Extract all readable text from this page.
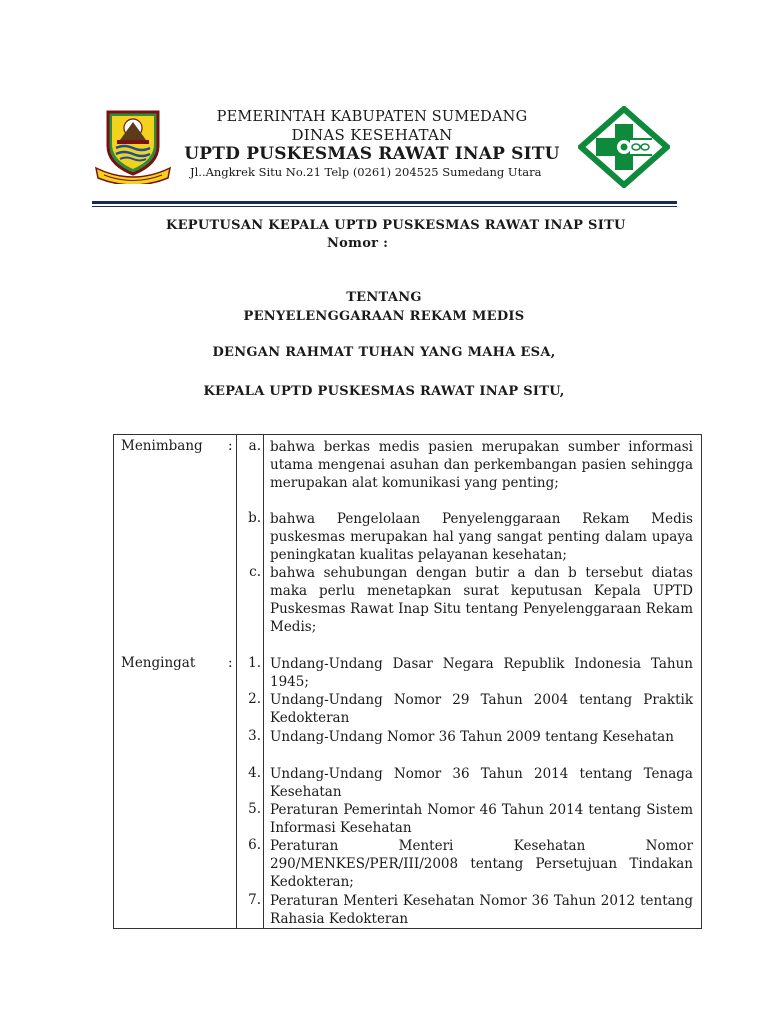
PEMERINTAH KABUPATEN SUMEDANG
DINAS KESEHATAN
UPTD PUSKESMAS RAWAT INAP SITU
Jl..Angkrek Situ No.21 Telp (0261) 204525 Sumedang Utara
KEPUTUSAN KEPALA UPTD PUSKESMAS RAWAT INAP SITU
Nomor :
TENTANG
PENYELENGGARAAN REKAM MEDIS
DENGAN RAHMAT TUHAN YANG MAHA ESA,
KEPALA UPTD PUSKESMAS RAWAT INAP SITU,
Menimbang :	a. bahwa berkas medis pasien merupakan sumber informasi utama mengenai asuhan dan perkembangan pasien sehingga merupakan alat komunikasi yang penting;
b. bahwa Pengelolaan Penyelenggaraan Rekam Medis puskesmas merupakan hal yang sangat penting dalam upaya peningkatan kualitas pelayanan kesehatan;
c. bahwa sehubungan dengan butir a dan b tersebut diatas maka perlu menetapkan surat keputusan Kepala UPTD Puskesmas Rawat Inap Situ tentang Penyelenggaraan Rekam Medis;
Mengingat :	1. Undang-Undang Dasar Negara Republik Indonesia Tahun 1945;
2. Undang-Undang Nomor 29 Tahun 2004 tentang Praktik Kedokteran
3. Undang-Undang Nomor 36 Tahun 2009 tentang Kesehatan
4. Undang-Undang Nomor 36 Tahun 2014 tentang Tenaga Kesehatan
5. Peraturan Pemerintah Nomor 46 Tahun 2014 tentang Sistem Informasi Kesehatan
6. Peraturan Menteri Kesehatan Nomor 290/MENKES/PER/III/2008 tentang Persetujuan Tindakan Kedokteran;
7. Peraturan Menteri Kesehatan Nomor 36 Tahun 2012 tentang Rahasia Kedokteran
